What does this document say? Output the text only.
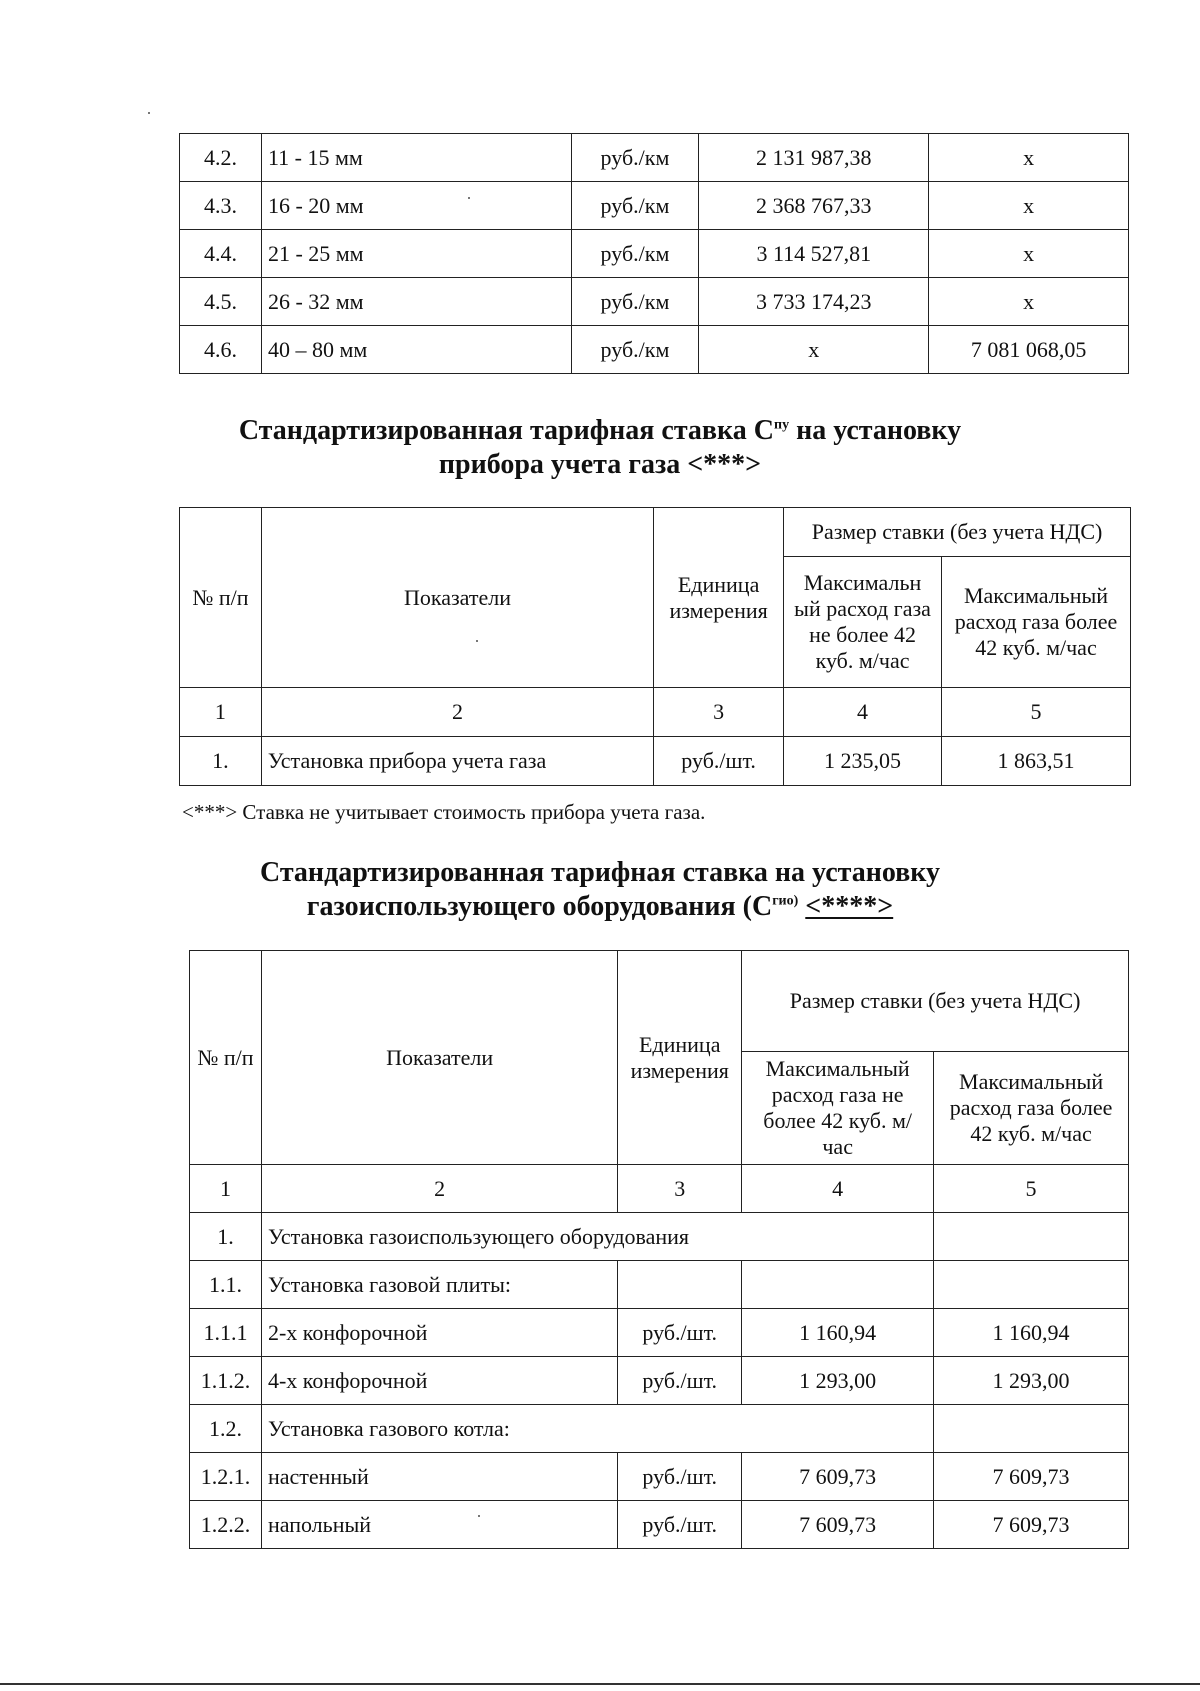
4.2.	11 - 15 мм	руб./км	2 131 987,38	х
4.3.	16 - 20 мм	руб./км	2 368 767,33	х
4.4.	21 - 25 мм	руб./км	3 114 527,81	х
4.5.	26 - 32 мм	руб./км	3 733 174,23	х
4.6.	40 – 80 мм	руб./км	х	7 081 068,05
Стандартизированная тарифная ставка $С^{пу}$ на установку
прибора учета газа <***>
№ п/п	Показатели	Единица измерения	Размер ставки (без учета НДС)	
			Максимальн ый расход газа не более 42 куб. м/час	Максимальный расход газа более 42 куб. м/час
1	2	3	4	5
1.	Установка прибора учета газа	руб./шт.	1 235,05	1 863,51
<***> Ставка не учитывает стоимость прибора учета газа.
Стандартизированная тарифная ставка на установку
газоиспользующего оборудования ($С^{гио)}$ <****>
№ п/п	Показатели	Единица измерения	Размер ставки (без учета НДС)	
			Максимальный расход газа не более 42 куб. м/час	Максимальный расход газа более 42 куб. м/час
1	2	3	4	5
1.	Установка газоиспользующего оборудования			
1.1.	Установка газовой плиты:			
1.1.1	2-х конфорочной	руб./шт.	1 160,94	1 160,94
1.1.2.	4-х конфорочной	руб./шт.	1 293,00	1 293,00
1.2.	Установка газового котла:			
1.2.1.	настенный	руб./шт.	7 609,73	7 609,73
1.2.2.	напольный	руб./шт.	7 609,73	7 609,73
